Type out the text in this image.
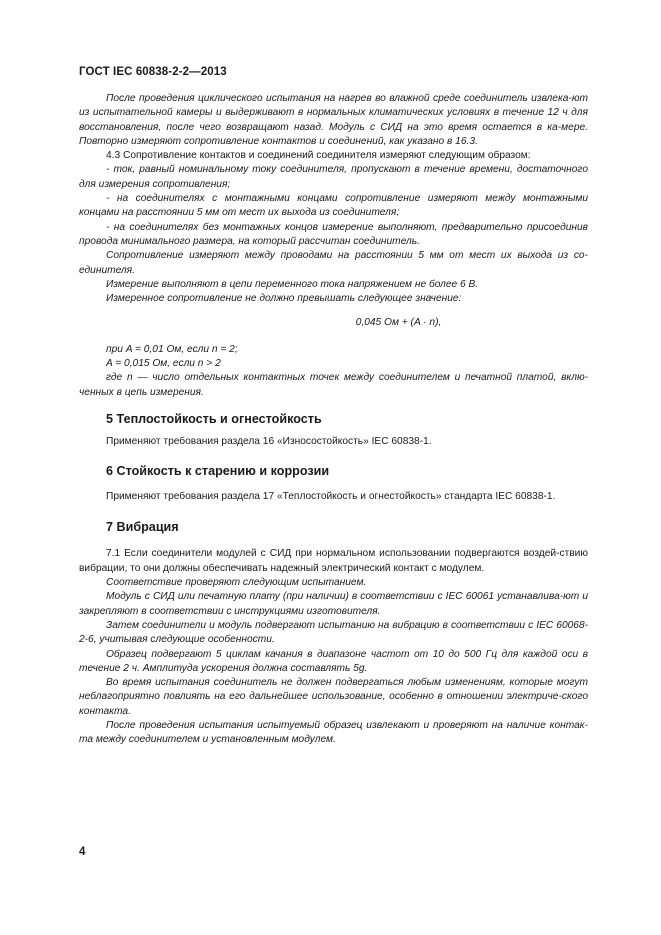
ГОСТ IEC 60838-2-2—2013

После проведения циклического испытания на нагрев во влажной среде соединитель извлека-ют из испытательной камеры и выдерживают в нормальных климатических условиях в течение 12 ч для восстановления, после чего возвращают назад. Модуль с СИД на это время остается в ка-мере. Повторно измеряют сопротивление контактов и соединений, как указано в 16.3.

4.3 Сопротивление контактов и соединений соединителя измеряют следующим образом:

- ток, равный номинальному току соединителя, пропускают в течение времени, достаточного для измерения сопротивления;

- на соединителях с монтажными концами сопротивление измеряют между монтажными концами на расстоянии 5 мм от мест их выхода из соединителя;

- на соединителях без монтажных концов измерение выполняют, предварительно присоединив провода минимального размера, на который рассчитан соединитель.

Сопротивление измеряют между проводами на расстоянии 5 мм от мест их выхода из со-единителя.

Измерение выполняют в цепи переменного тока напряжением не более 6 В.

Измеренное сопротивление не должно превышать следующее значение:

0,045 Ом + (A · n),

при A = 0,01 Ом, если n = 2;

A = 0,015 Ом, если n > 2

где n — число отдельных контактных точек между соединителем и печатной платой, вклю-ченных в цепь измерения.

5 Теплостойкость и огнестойкость

Применяют требования раздела 16 «Износостойкость» IEC 60838-1.

6 Стойкость к старению и коррозии

Применяют требования раздела 17 «Теплостойкость и огнестойкость» стандарта IEC 60838-1.

7 Вибрация

7.1 Если соединители модулей с СИД при нормальном использовании подвергаются воздей-ствию вибрации, то они должны обеспечивать надежный электрический контакт с модулем.

Соответствие проверяют следующим испытанием.

Модуль с СИД или печатную плату (при наличии) в соответствии с IEC 60061 устанавлива-ют и закрепляют в соответствии с инструкциями изготовителя.

Затем соединители и модуль подвергают испытанию на вибрацию в соответствии с IEC 60068-2-6, учитывая следующие особенности.

Образец подвергают 5 циклам качания в диапазоне частот от 10 до 500 Гц для каждой оси в течение 2 ч. Амплитуда ускорения должна составлять 5g.

Во время испытания соединитель не должен подвергаться любым изменениям, которые могут неблагоприятно повлиять на его дальнейшее использование, особенно в отношении электриче-ского контакта.

После проведения испытания испытуемый образец извлекают и проверяют на наличие контак-та между соединителем и установленным модулем.

4
